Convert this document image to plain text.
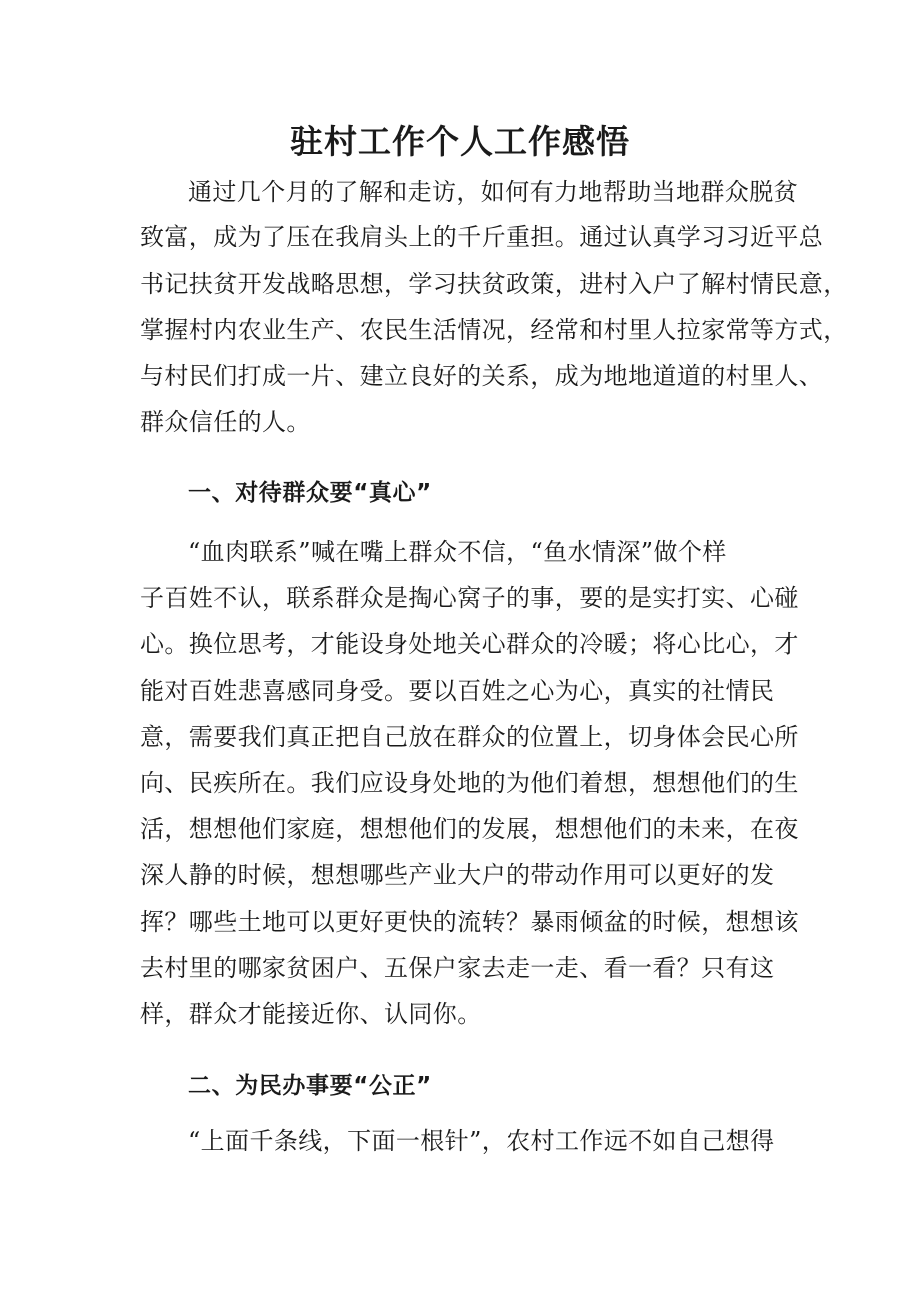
驻村工作个人工作感悟
通过几个月的了解和走访，如何有力地帮助当地群众脱贫
致富，成为了压在我肩头上的千斤重担。通过认真学习习近平总
书记扶贫开发战略思想，学习扶贫政策，进村入户了解村情民意，
掌握村内农业生产、农民生活情况，经常和村里人拉家常等方式，
与村民们打成一片、建立良好的关系，成为地地道道的村里人、
群众信任的人。
一、对待群众要“真心”
“血肉联系”喊在嘴上群众不信，“鱼水情深”做个样
子百姓不认，联系群众是掏心窝子的事，要的是实打实、心碰
心。换位思考，才能设身处地关心群众的冷暖；将心比心，才
能对百姓悲喜感同身受。要以百姓之心为心，真实的社情民
意，需要我们真正把自己放在群众的位置上，切身体会民心所
向、民疾所在。我们应设身处地的为他们着想，想想他们的生
活，想想他们家庭，想想他们的发展，想想他们的未来，在夜
深人静的时候，想想哪些产业大户的带动作用可以更好的发
挥？哪些土地可以更好更快的流转？暴雨倾盆的时候，想想该
去村里的哪家贫困户、五保户家去走一走、看一看？只有这
样，群众才能接近你、认同你。
二、为民办事要“公正”
“上面千条线，下面一根针”，农村工作远不如自己想得
